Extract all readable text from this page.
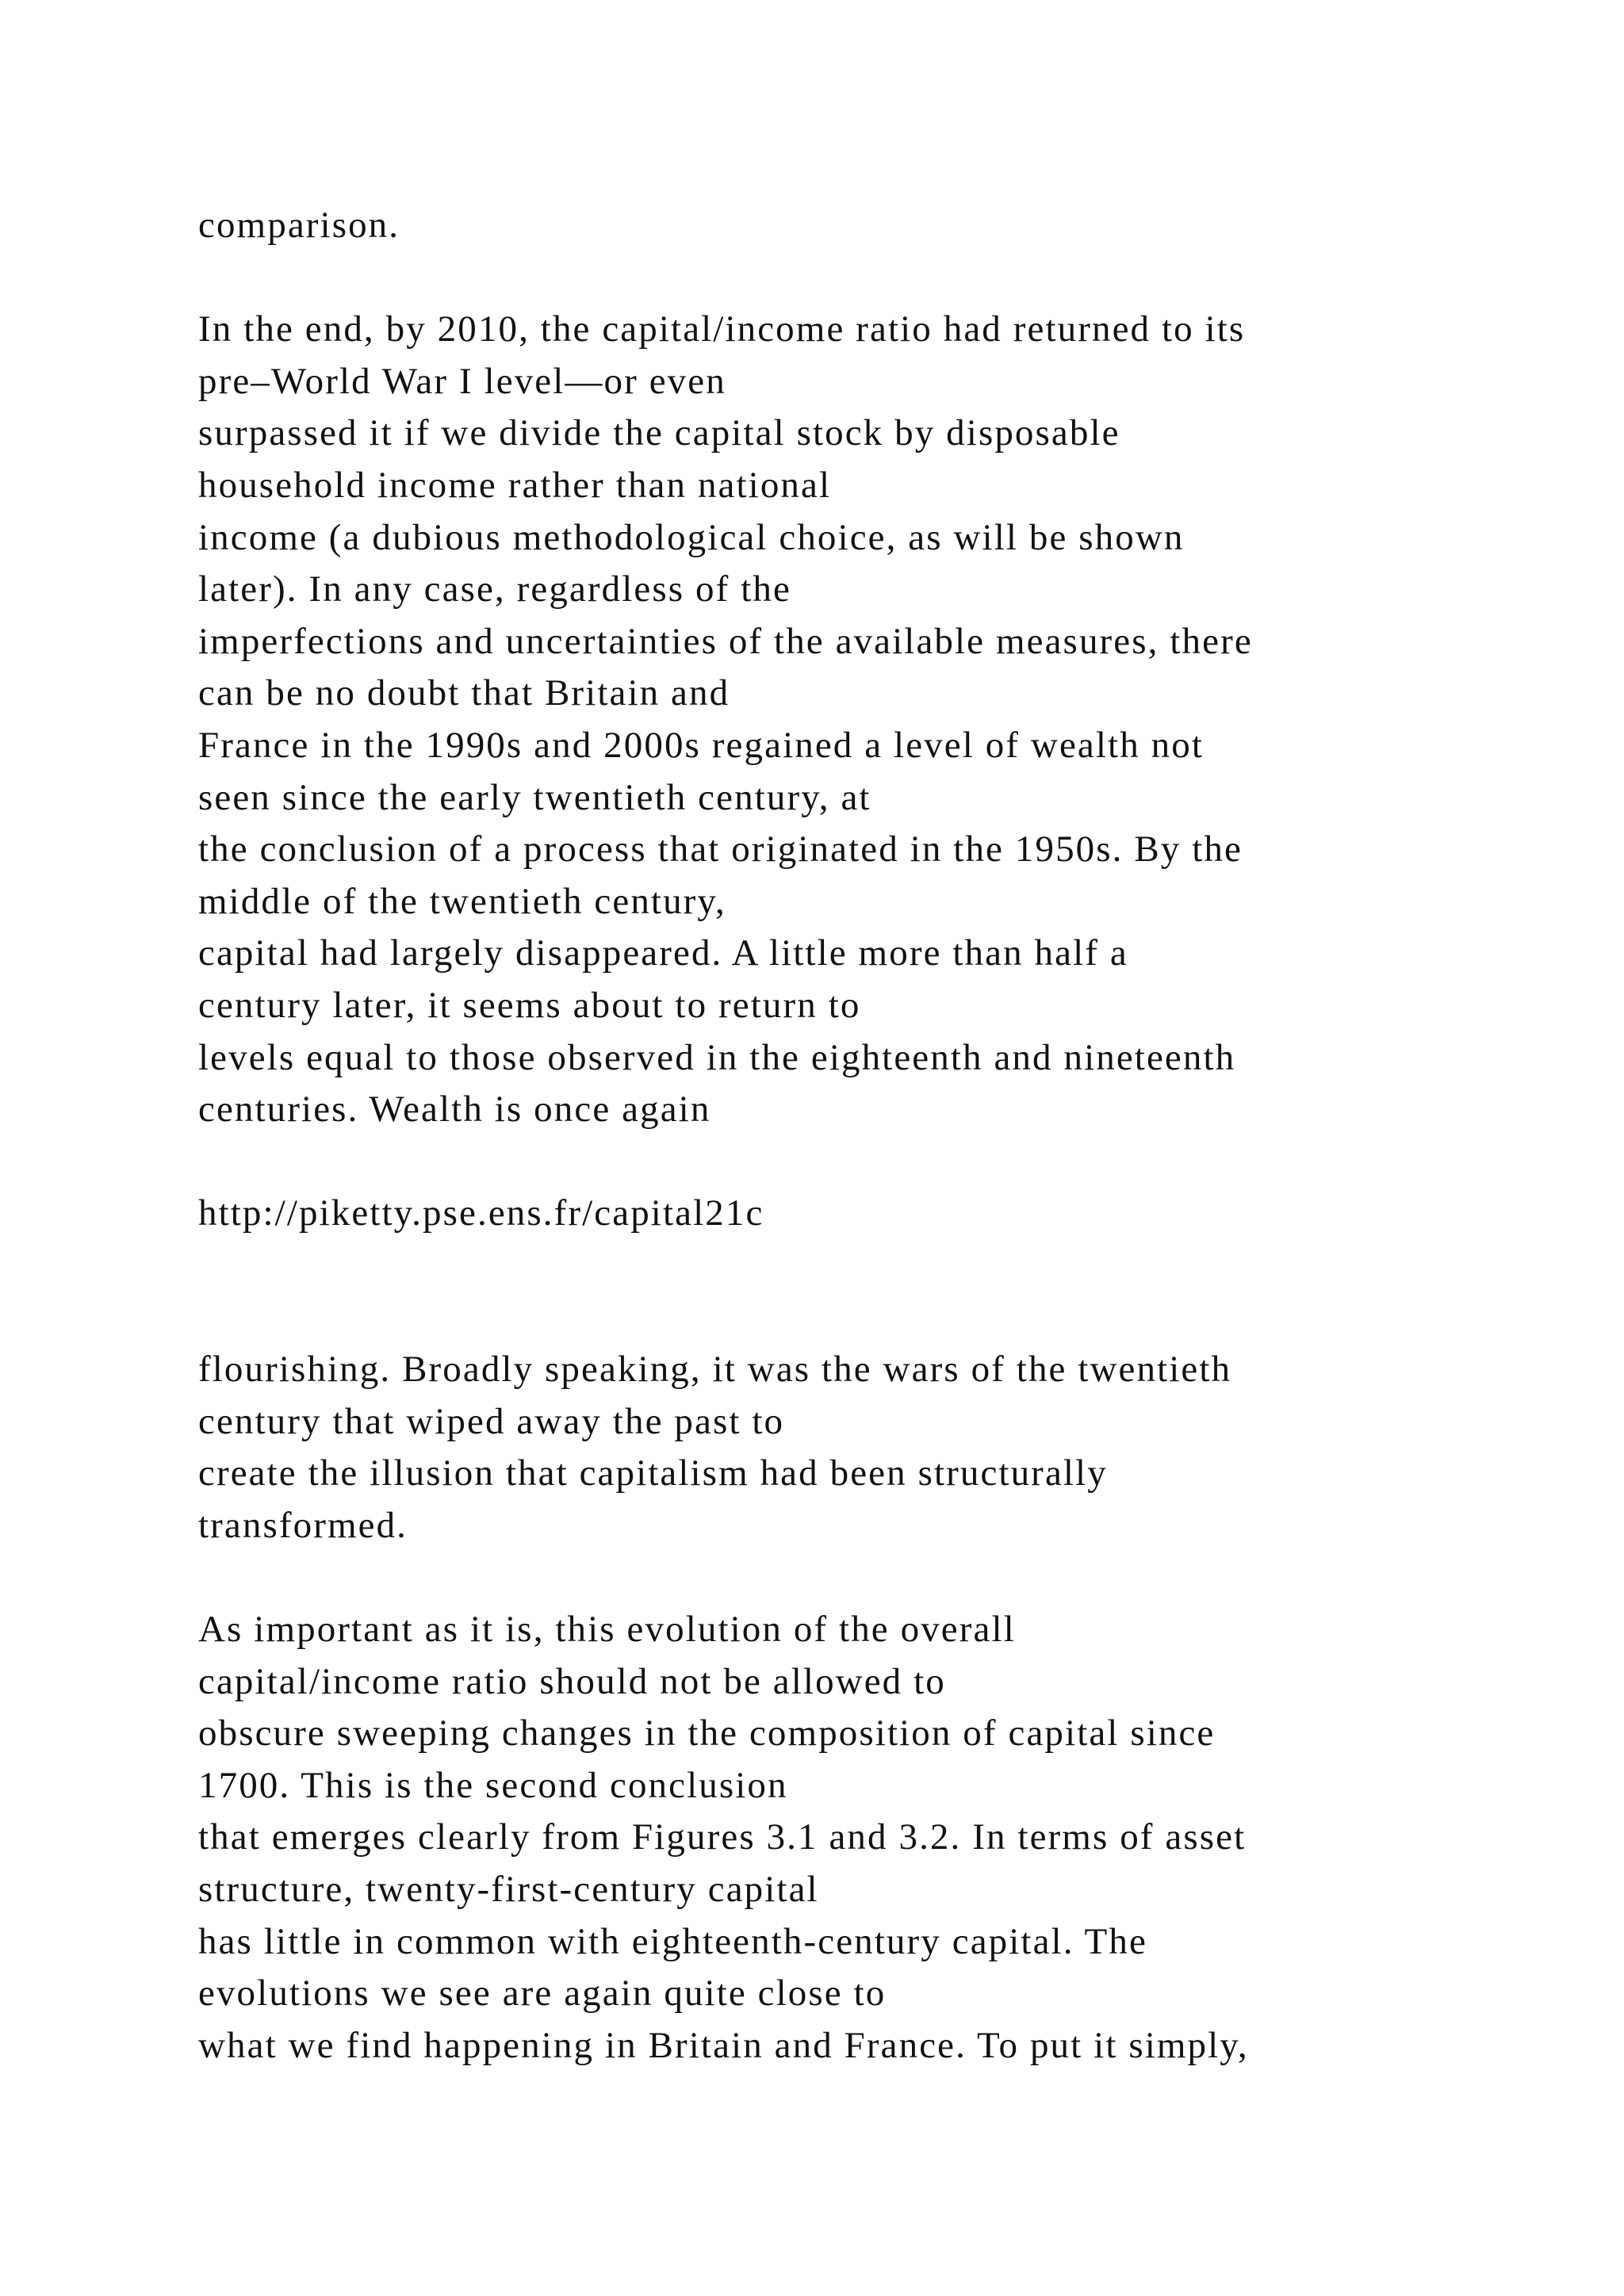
comparison.
In the end, by 2010, the capital/income ratio had returned to its
pre–World War I level—or even
surpassed it if we divide the capital stock by disposable
household income rather than national
income (a dubious methodological choice, as will be shown
later). In any case, regardless of the
imperfections and uncertainties of the available measures, there
can be no doubt that Britain and
France in the 1990s and 2000s regained a level of wealth not
seen since the early twentieth century, at
the conclusion of a process that originated in the 1950s. By the
middle of the twentieth century,
capital had largely disappeared. A little more than half a
century later, it seems about to return to
levels equal to those observed in the eighteenth and nineteenth
centuries. Wealth is once again
http://piketty.pse.ens.fr/capital21c
flourishing. Broadly speaking, it was the wars of the twentieth
century that wiped away the past to
create the illusion that capitalism had been structurally
transformed.
As important as it is, this evolution of the overall
capital/income ratio should not be allowed to
obscure sweeping changes in the composition of capital since
1700. This is the second conclusion
that emerges clearly from Figures 3.1 and 3.2. In terms of asset
structure, twenty-first-century capital
has little in common with eighteenth-century capital. The
evolutions we see are again quite close to
what we find happening in Britain and France. To put it simply,
